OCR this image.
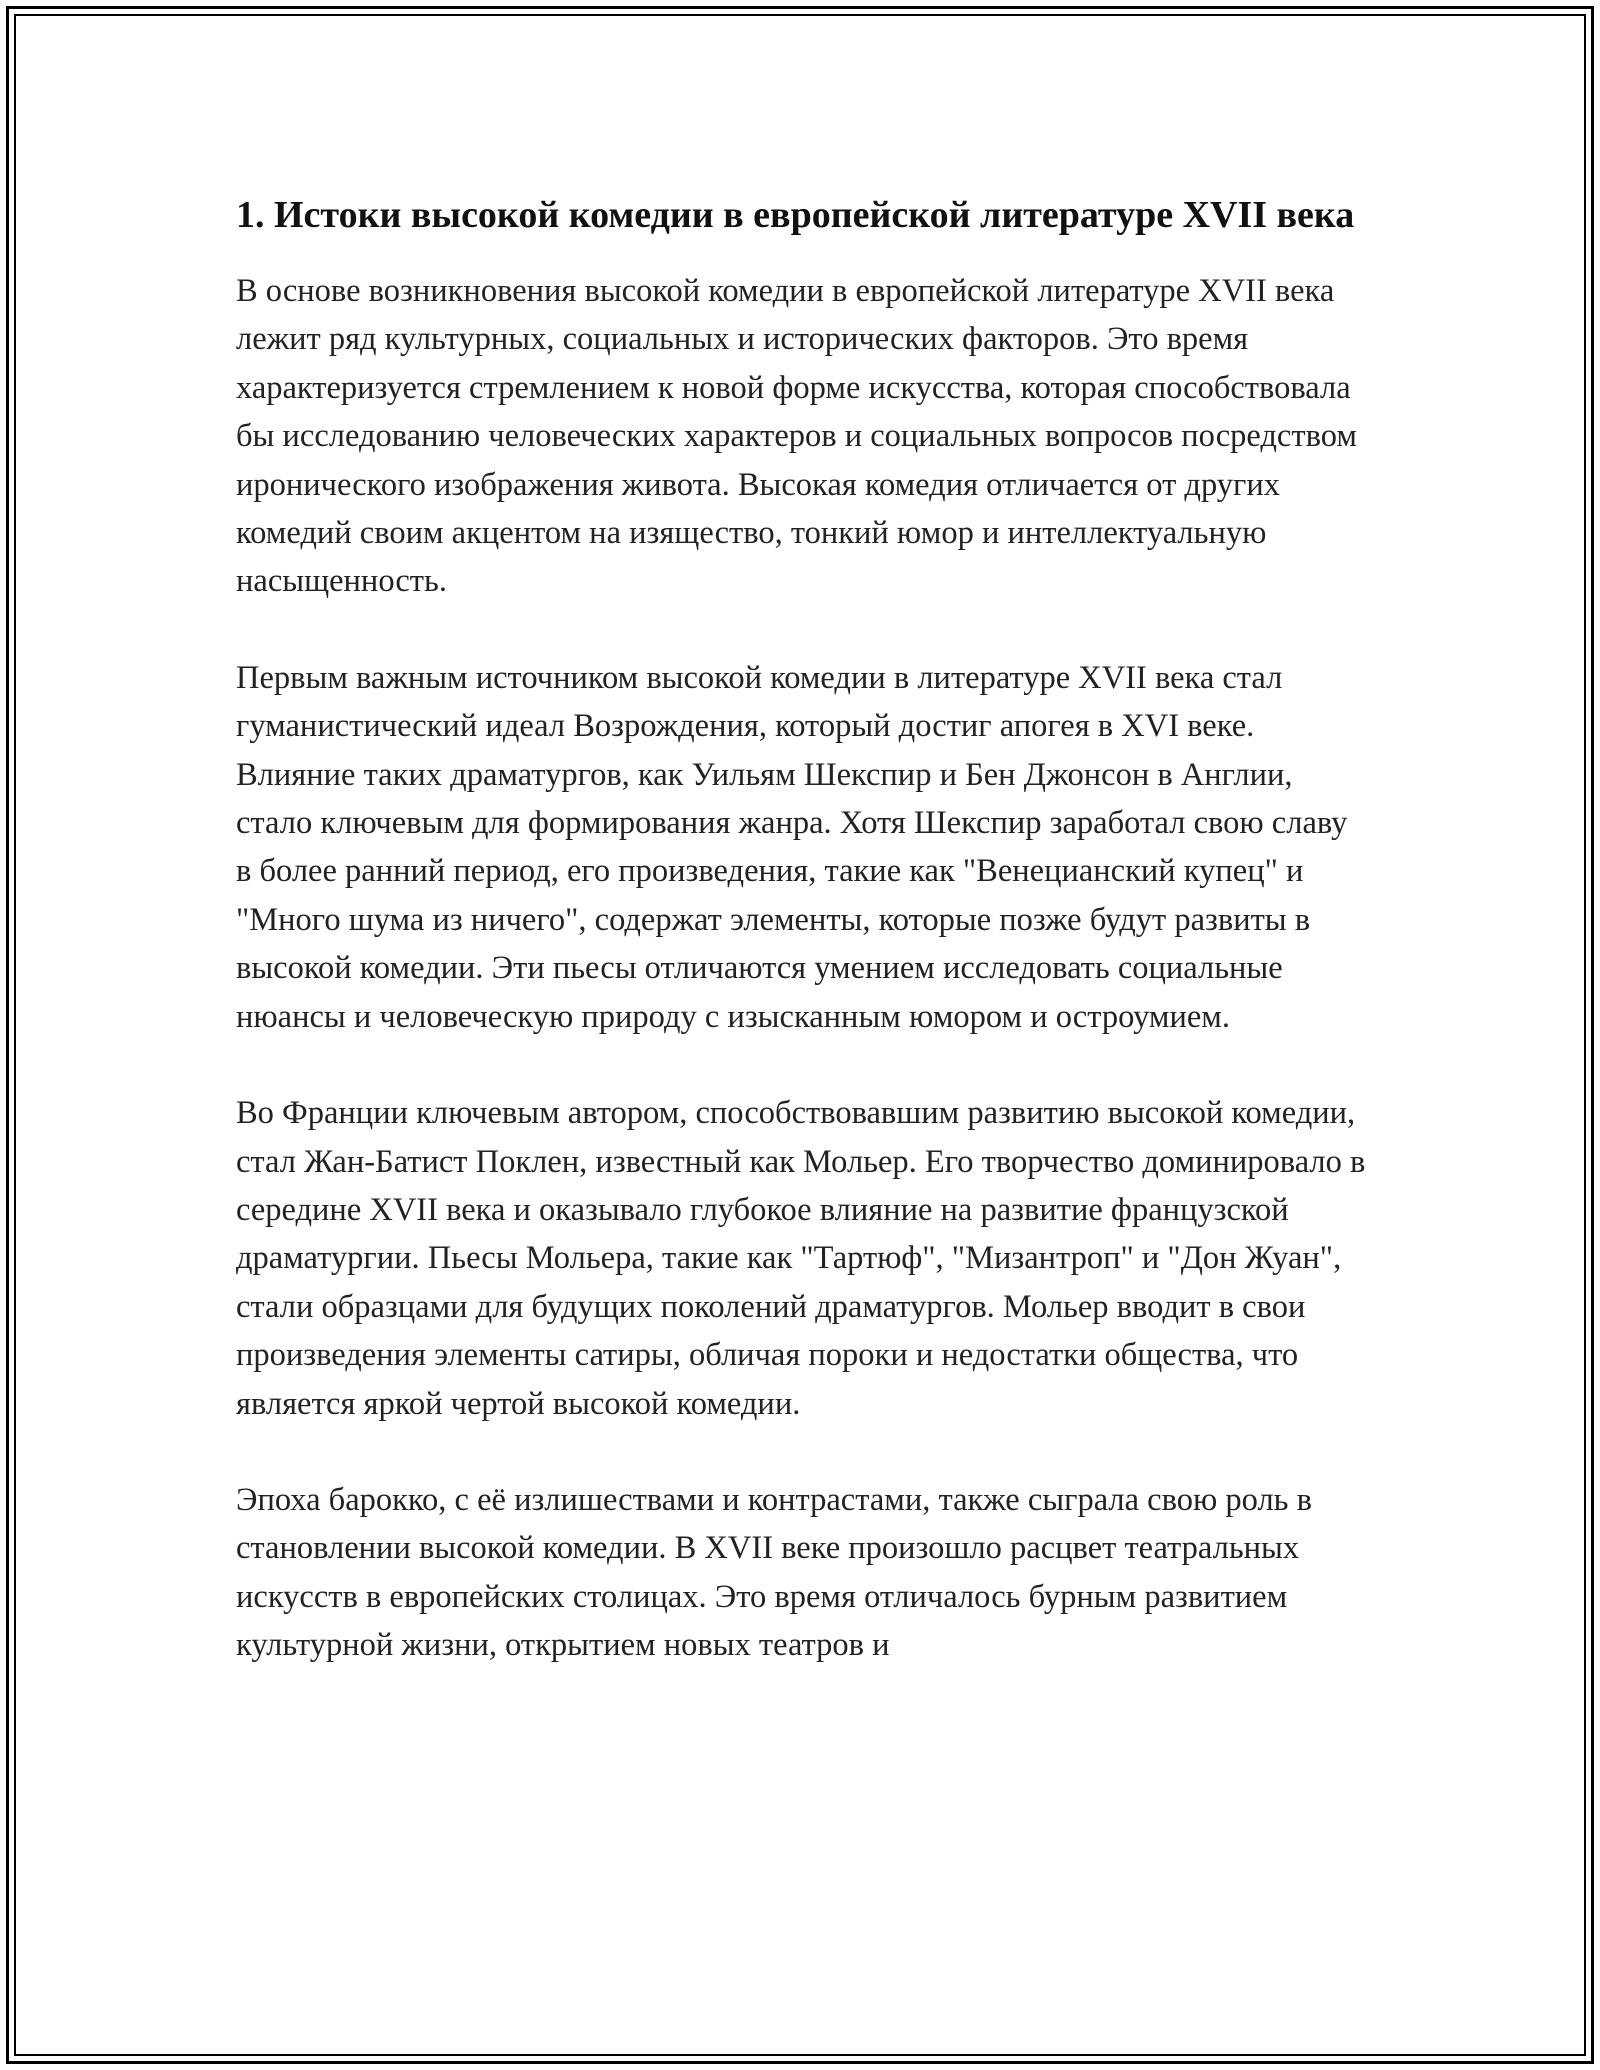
1. Истоки высокой комедии в европейской литературе XVII века

В основе возникновения высокой комедии в европейской литературе XVII века лежит ряд культурных, социальных и исторических факторов. Это время характеризуется стремлением к новой форме искусства, которая способствовала бы исследованию человеческих характеров и социальных вопросов посредством иронического изображения живота. Высокая комедия отличается от других комедий своим акцентом на изящество, тонкий юмор и интеллектуальную насыщенность.

Первым важным источником высокой комедии в литературе XVII века стал гуманистический идеал Возрождения, который достиг апогея в XVI веке. Влияние таких драматургов, как Уильям Шекспир и Бен Джонсон в Англии, стало ключевым для формирования жанра. Хотя Шекспир заработал свою славу в более ранний период, его произведения, такие как "Венецианский купец" и "Много шума из ничего", содержат элементы, которые позже будут развиты в высокой комедии. Эти пьесы отличаются умением исследовать социальные нюансы и человеческую природу с изысканным юмором и остроумием.

Во Франции ключевым автором, способствовавшим развитию высокой комедии, стал Жан-Батист Поклен, известный как Мольер. Его творчество доминировало в середине XVII века и оказывало глубокое влияние на развитие французской драматургии. Пьесы Мольера, такие как "Тартюф", "Мизантроп" и "Дон Жуан", стали образцами для будущих поколений драматургов. Мольер вводит в свои произведения элементы сатиры, обличая пороки и недостатки общества, что является яркой чертой высокой комедии.

Эпоха барокко, с её излишествами и контрастами, также сыграла свою роль в становлении высокой комедии. В XVII веке произошло расцвет театральных искусств в европейских столицах. Это время отличалось бурным развитием культурной жизни, открытием новых театров и
